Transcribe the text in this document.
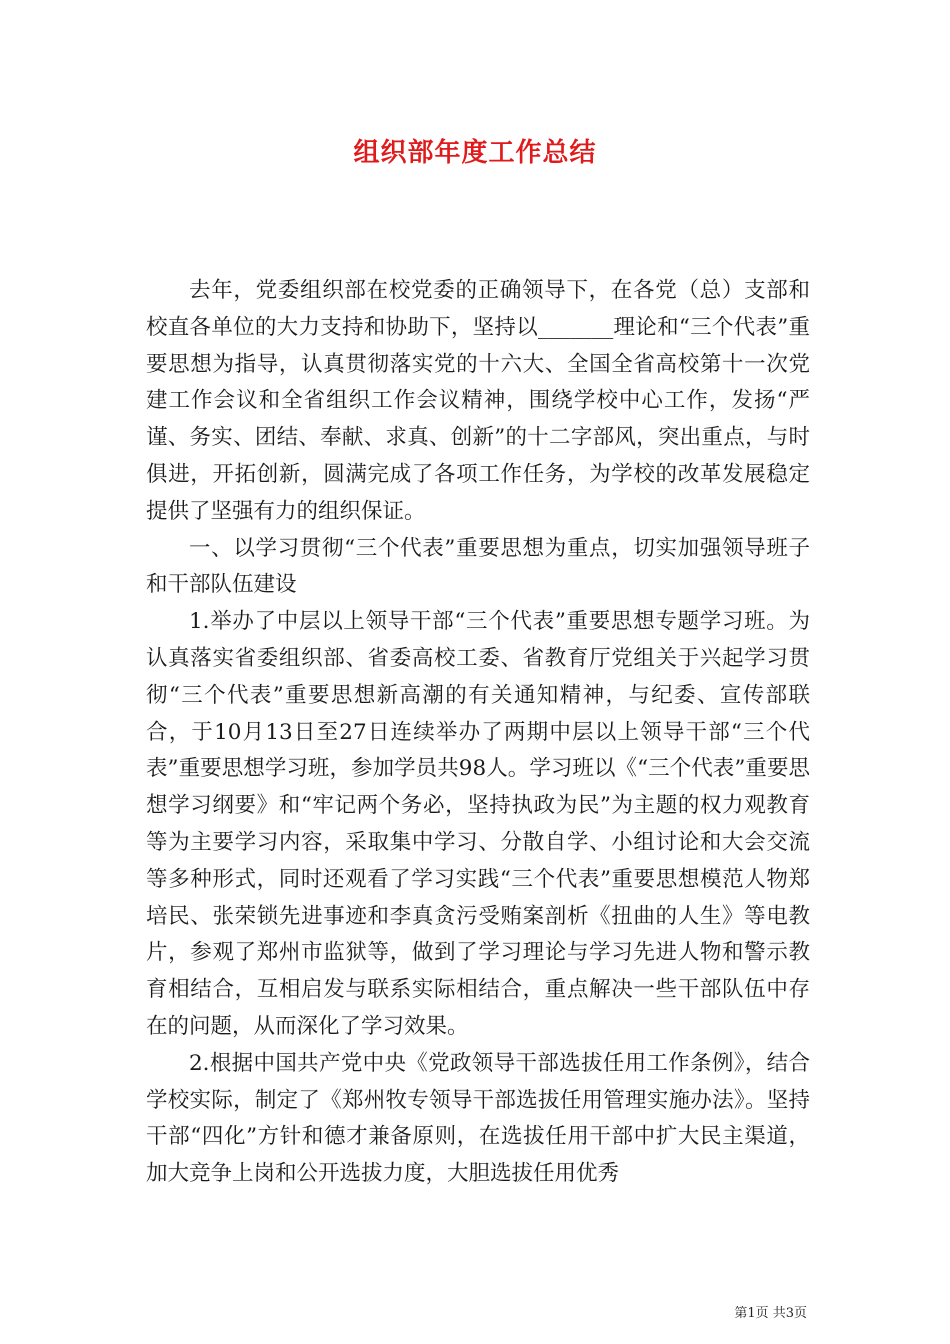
组织部年度工作总结

去年，党委组织部在校党委的正确领导下，在各党（总）支部和校直各单位的大力支持和协助下，坚持以_______理论和“三个代表”重要思想为指导，认真贯彻落实党的十六大、全国全省高校第十一次党建工作会议和全省组织工作会议精神，围绕学校中心工作，发扬“严谨、务实、团结、奉献、求真、创新”的十二字部风，突出重点，与时俱进，开拓创新，圆满完成了各项工作任务，为学校的改革发展稳定提供了坚强有力的组织保证。

一、以学习贯彻“三个代表”重要思想为重点，切实加强领导班子和干部队伍建设

1.举办了中层以上领导干部“三个代表”重要思想专题学习班。为认真落实省委组织部、省委高校工委、省教育厅党组关于兴起学习贯彻“三个代表”重要思想新高潮的有关通知精神，与纪委、宣传部联合，于10月13日至27日连续举办了两期中层以上领导干部“三个代表”重要思想学习班，参加学员共98人。学习班以《“三个代表”重要思想学习纲要》和“牢记两个务必，坚持执政为民”为主题的权力观教育等为主要学习内容，采取集中学习、分散自学、小组讨论和大会交流等多种形式，同时还观看了学习实践“三个代表”重要思想模范人物郑培民、张荣锁先进事迹和李真贪污受贿案剖析《扭曲的人生》等电教片，参观了郑州市监狱等，做到了学习理论与学习先进人物和警示教育相结合，互相启发与联系实际相结合，重点解决一些干部队伍中存在的问题，从而深化了学习效果。

2.根据中国共产党中央《党政领导干部选拔任用工作条例》，结合学校实际，制定了《郑州牧专领导干部选拔任用管理实施办法》。坚持干部“四化”方针和德才兼备原则，在选拔任用干部中扩大民主渠道，加大竞争上岗和公开选拔力度，大胆选拔任用优秀

第1页 共3页
